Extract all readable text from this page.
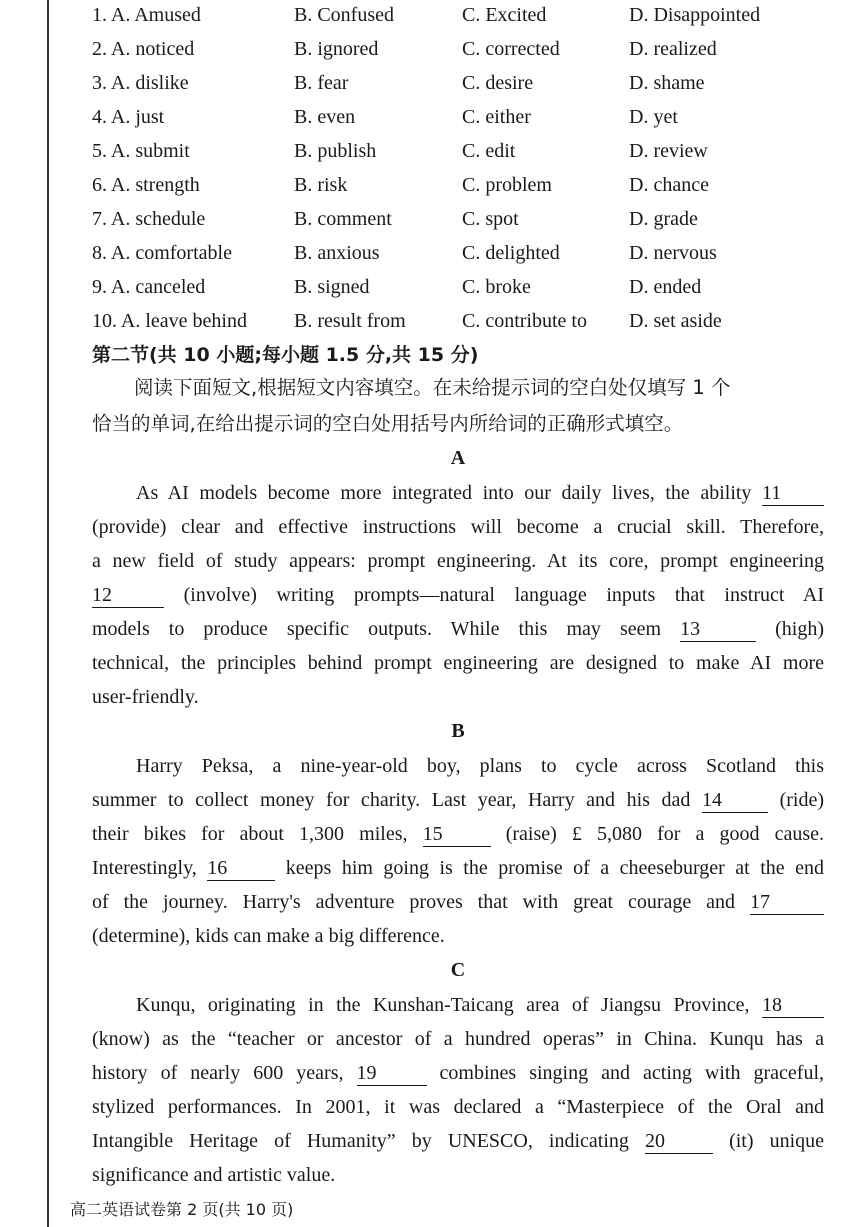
1. A. Amused	B. Confused	C. Excited	D. Disappointed
2. A. noticed	B. ignored	C. corrected	D. realized
3. A. dislike	B. fear	C. desire	D. shame
4. A. just	B. even	C. either	D. yet
5. A. submit	B. publish	C. edit	D. review
6. A. strength	B. risk	C. problem	D. chance
7. A. schedule	B. comment	C. spot	D. grade
8. A. comfortable	B. anxious	C. delighted	D. nervous
9. A. canceled	B. signed	C. broke	D. ended
10. A. leave behind B. result from	C. contribute to D. set aside
第二节(共 10 小题;每小题 1.5 分,共 15 分)
阅读下面短文,根据短文内容填空。在未给提示词的空白处仅填写 1 个
恰当的单词,在给出提示词的空白处用括号内所给词的正确形式填空。
A
As AI models become more integrated into our daily lives, the ability 11
(provide) clear and effective instructions will become a crucial skill. Therefore,
a new field of study appears: prompt engineering. At its core, prompt engineering
12	(involve) writing prompts—natural language inputs that instruct AI
models to produce specific outputs. While this may seem 13	(high)
technical, the principles behind prompt engineering are designed to make AI more
user-friendly.
B
Harry Peksa, a nine-year-old boy, plans to cycle across Scotland this
summer to collect money for charity. Last year, Harry and his dad 14	(ride)
their bikes for about 1,300 miles, 15	(raise) £ 5,080 for a good cause.
Interestingly, 16	keeps him going is the promise of a cheeseburger at the end
of the journey. Harry's adventure proves that with great courage and 17
(determine), kids can make a big difference.
C
Kunqu, originating in the Kunshan-Taicang area of Jiangsu Province, 18
(know) as the “teacher or ancestor of a hundred operas” in China. Kunqu has a
history of nearly 600 years, 19	combines singing and acting with graceful,
stylized performances. In 2001, it was declared a “Masterpiece of the Oral and
Intangible Heritage of Humanity” by UNESCO, indicating 20	(it) unique
significance and artistic value.
高二英语试卷第 2 页(共 10 页)
